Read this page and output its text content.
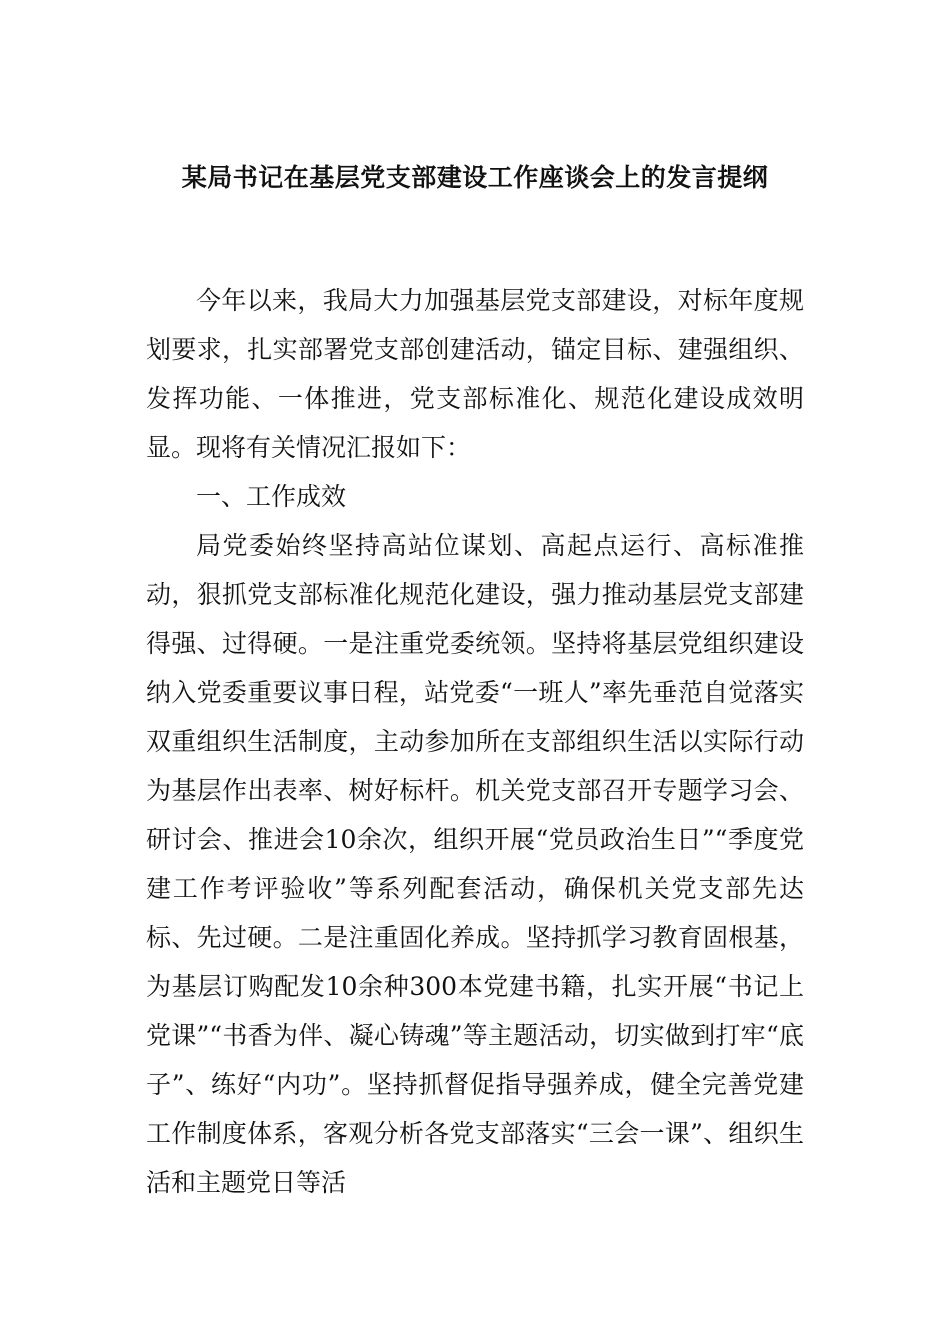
某局书记在基层党支部建设工作座谈会上的发言提纲

今年以来，我局大力加强基层党支部建设，对标年度规划要求，扎实部署党支部创建活动，锚定目标、建强组织、发挥功能、一体推进，党支部标准化、规范化建设成效明显。现将有关情况汇报如下：

一、工作成效

局党委始终坚持高站位谋划、高起点运行、高标准推动，狠抓党支部标准化规范化建设，强力推动基层党支部建得强、过得硬。一是注重党委统领。坚持将基层党组织建设纳入党委重要议事日程，站党委“一班人”率先垂范自觉落实双重组织生活制度，主动参加所在支部组织生活以实际行动为基层作出表率、树好标杆。机关党支部召开专题学习会、研讨会、推进会10余次，组织开展“党员政治生日”“季度党建工作考评验收”等系列配套活动，确保机关党支部先达标、先过硬。二是注重固化养成。坚持抓学习教育固根基，为基层订购配发10余种300本党建书籍，扎实开展“书记上党课”“书香为伴、凝心铸魂”等主题活动，切实做到打牢“底子”、练好“内功”。坚持抓督促指导强养成，健全完善党建工作制度体系，客观分析各党支部落实“三会一课”、组织生活和主题党日等活
